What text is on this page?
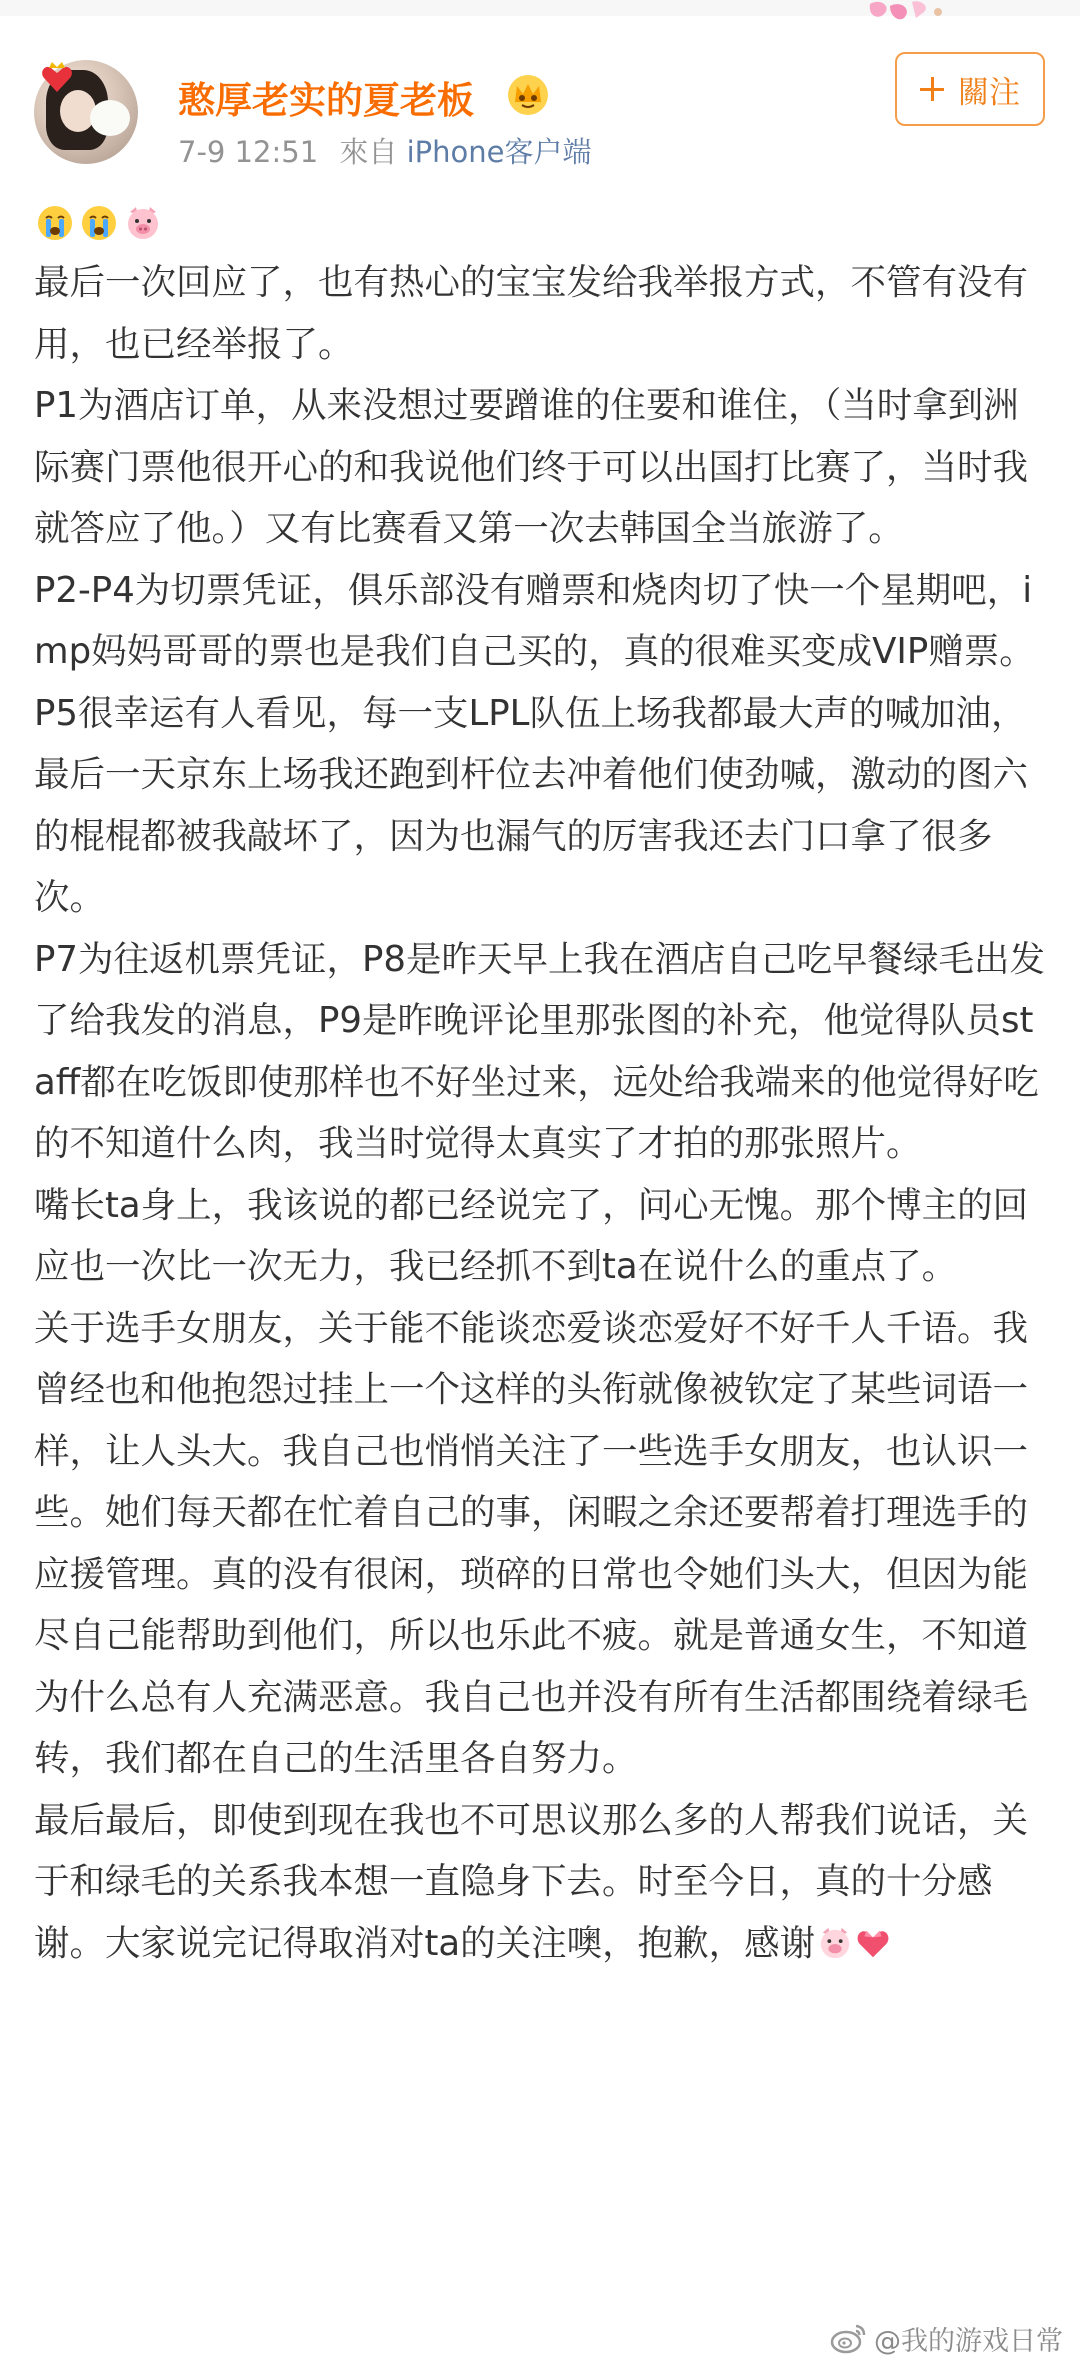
憨厚老实的夏老板
7-9 12:51 來自 iPhone客户端
關注

最后一次回应了，也有热心的宝宝发给我举报方式，不管有没有用，也已经举报了。

P1为酒店订单，从来没想过要蹭谁的住要和谁住，（当时拿到洲际赛门票他很开心的和我说他们终于可以出国打比赛了，当时我就答应了他。）又有比赛看又第一次去韩国全当旅游了。

P2-P4为切票凭证，俱乐部没有赠票和烧肉切了快一个星期吧，imp妈妈哥哥的票也是我们自己买的，真的很难买变成VIP赠票。

P5很幸运有人看见，每一支LPL队伍上场我都最大声的喊加油，最后一天京东上场我还跑到杆位去冲着他们使劲喊，激动的图六的棍棍都被我敲坏了，因为也漏气的厉害我还去门口拿了很多次。

P7为往返机票凭证，P8是昨天早上我在酒店自己吃早餐绿毛出发了给我发的消息，P9是昨晚评论里那张图的补充，他觉得队员staff都在吃饭即使那样也不好坐过来，远处给我端来的他觉得好吃的不知道什么肉，我当时觉得太真实了才拍的那张照片。

嘴长ta身上，我该说的都已经说完了，问心无愧。那个博主的回应也一次比一次无力，我已经抓不到ta在说什么的重点了。

关于选手女朋友，关于能不能谈恋爱谈恋爱好不好千人千语。我曾经也和他抱怨过挂上一个这样的头衔就像被钦定了某些词语一样，让人头大。我自己也悄悄关注了一些选手女朋友，也认识一些。她们每天都在忙着自己的事，闲暇之余还要帮着打理选手的应援管理。真的没有很闲，琐碎的日常也令她们头大，但因为能尽自己能帮助到他们，所以也乐此不疲。就是普通女生，不知道为什么总有人充满恶意。我自己也并没有所有生活都围绕着绿毛转，我们都在自己的生活里各自努力。

最后最后，即使到现在我也不可思议那么多的人帮我们说话，关于和绿毛的关系我本想一直隐身下去。时至今日，真的十分感谢。大家说完记得取消对ta的关注噢，抱歉，感谢

@我的游戏日常
